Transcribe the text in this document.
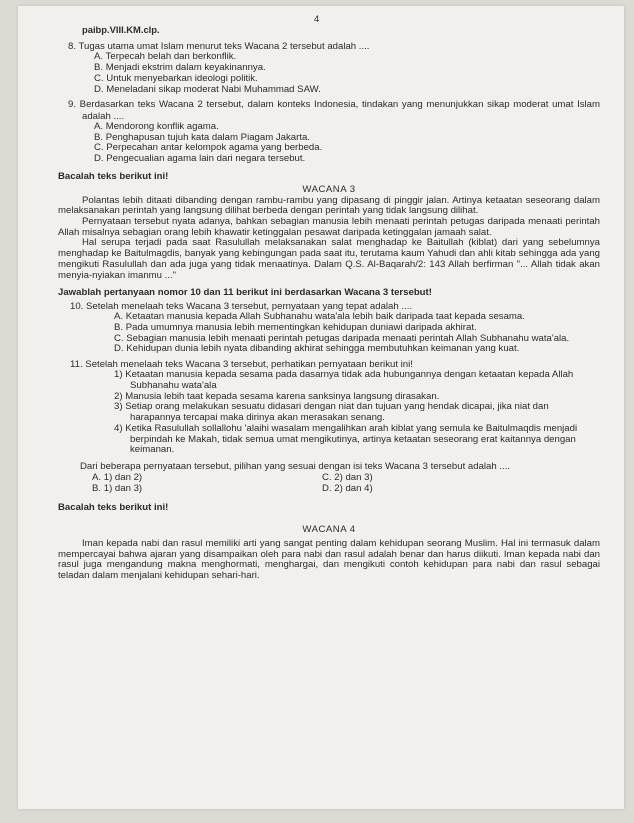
4
paibp.VIII.KM.clp.
8. Tugas utama umat Islam menurut teks Wacana 2 tersebut adalah ....
A. Terpecah belah dan berkonflik.
B. Menjadi ekstrim dalam keyakinannya.
C. Untuk menyebarkan ideologi politik.
D. Meneladani sikap moderat Nabi Muhammad SAW.
9. Berdasarkan teks Wacana 2 tersebut, dalam konteks Indonesia, tindakan yang menunjukkan sikap moderat umat Islam adalah ....
A. Mendorong konflik agama.
B. Penghapusan tujuh kata dalam Piagam Jakarta.
C. Perpecahan antar kelompok agama yang berbeda.
D. Pengecualian agama lain dari negara tersebut.
Bacalah teks berikut ini!
WACANA 3
Polantas lebih ditaati dibanding dengan rambu-rambu yang dipasang di pinggir jalan. Artinya ketaatan seseorang dalam melaksanakan perintah yang langsung dilihat berbeda dengan perintah yang tidak langsung dilihat.
Pernyataan tersebut nyata adanya, bahkan sebagian manusia lebih menaati perintah petugas daripada menaati perintah Allah misalnya sebagian orang lebih khawatir ketinggalan pesawat daripada ketinggalan jamaah salat.
Hal serupa terjadi pada saat Rasulullah melaksanakan salat menghadap ke Baitullah (kiblat) dari yang sebelumnya menghadap ke Baitulmagdis, banyak yang kebingungan pada saat itu, terutama kaum Yahudi dan ahli kitab sehingga ada yang mengikuti Rasulullah dan ada juga yang tidak menaatinya. Dalam Q.S. Al-Baqarah/2: 143 Allah berfirman "... Allah tidak akan menyia-nyiakan imanmu ..."
Jawablah pertanyaan nomor 10 dan 11 berikut ini berdasarkan Wacana 3 tersebut!
10. Setelah menelaah teks Wacana 3 tersebut, pernyataan yang tepat adalah ....
A. Ketaatan manusia kepada Allah Subhanahu wata'ala lebih baik daripada taat kepada sesama.
B. Pada umumnya manusia lebih mementingkan kehidupan duniawi daripada akhirat.
C. Sebagian manusia lebih menaati perintah petugas daripada menaati perintah Allah Subhanahu wata'ala.
D. Kehidupan dunia lebih nyata dibanding akhirat sehingga membutuhkan keimanan yang kuat.
11. Setelah menelaah teks Wacana 3 tersebut, perhatikan pernyataan berikut ini!
1) Ketaatan manusia kepada sesama pada dasarnya tidak ada hubungannya dengan ketaatan kepada Allah Subhanahu wata'ala
2) Manusia lebih taat kepada sesama karena sanksinya langsung dirasakan.
3) Setiap orang melakukan sesuatu didasari dengan niat dan tujuan yang hendak dicapai, jika niat dan harapannya tercapai maka dirinya akan merasakan senang.
4) Ketika Rasulullah sollallohu 'alaihi wasalam mengalihkan arah kiblat yang semula ke Baitulmaqdis menjadi berpindah ke Makah, tidak semua umat mengikutinya, artinya ketaatan seseorang erat kaitannya dengan keimanan.
Dari beberapa pernyataan tersebut, pilihan yang sesuai dengan isi teks Wacana 3 tersebut adalah ....
A. 1) dan 2)
B. 1) dan 3)
C. 2) dan 3)
D. 2) dan 4)
Bacalah teks berikut ini!
WACANA 4
Iman kepada nabi dan rasul memiliki arti yang sangat penting dalam kehidupan seorang Muslim. Hal ini termasuk dalam mempercayai bahwa ajaran yang disampaikan oleh para nabi dan rasul adalah benar dan harus diikuti. Iman kepada nabi dan rasul juga mengandung makna menghormati, menghargai, dan mengikuti contoh kehidupan para nabi dan rasul sebagai teladan dalam menjalani kehidupan sehari-hari.
